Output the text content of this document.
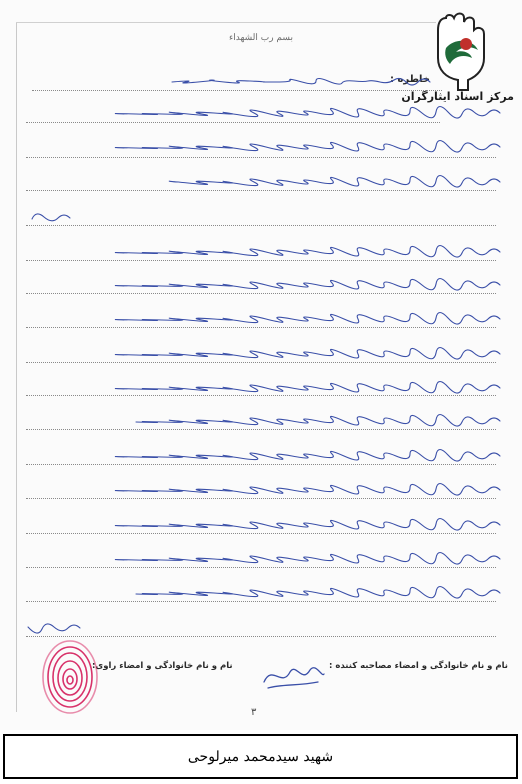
بسم رب الشهداء
مرکز اسناد ایثارگران
خاطره :
نام و نام خانوادگی و امضاء مصاحبه کننده :
نام و نام خانوادگی و امضاء راوی:
۳
شهید سیدمحمد میرلوحی
